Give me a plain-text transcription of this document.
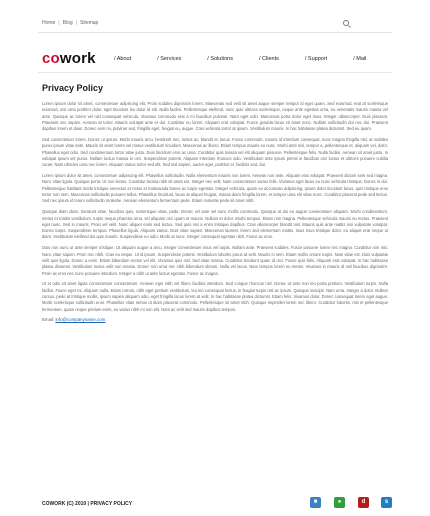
Home | Blog | Sitemap
cowork	/ About	/ Services	/ Solutions	/ Clients	/ Support	/ Mail
Privacy Policy

Lorem ipsum dolor sit amet, consectetuer adipiscing elit. Proin sodales dignissim lorem. Maecenas sed velit sit amet augue semper tempor id eget quam. Sed euismod, erat at scelerisque euismod, nisi urna porttitor dolor, eget tincidunt leo dolor id elit. Nulla facilisi. Pellentesque eleifend, nunc quis ultrices scelerisque, neque ante egestas urna, eu venenatis mauris massa vel ante. Quisque ac lorem vel nisl consequat vehicula. Vivamus commodo erat a mi faucibus pulvinar. Nam eget odio. Maecenas porta dolor eget risus. Integer ullamcorper. Duis placerat. Praesent nec sapien. Aenean at tortor. Mauris volutpat ante et dui. Curabitur eu lorem. Aliquam erat volutpat. Fusce gravida lacus sit amet nunc. Nullam sollicitudin dui nec dui. Praesent dapibus lorem et diam. Donec sem mi, pulvinar sed, fringilla eget, feugiat eu, augue. Cras vehicula tortor at ipsum. Vestibulum mauris. In hac habitasse platea dictumst. Sed eu quam.

Sed consectetuer lorem. Donec ut ipsum. Morbi mauris arcu, hendrerit nec, luctus ac, blandit et, lacus. Fusce commodo, mauris id interdum consequat, nunc magna fringilla nisl, at sodales purus ipsum vitae ante. Mauris sit amet lorem vel metus vestibulum tincidunt. Maecenas ac libero. Etiam tempus mauris eu nunc. Morbi ante nisl, tempor a, pellentesque et, aliquam vel, dolor. Phasellus eget odio. Sed condimentum tortor vitae justo. Duis tincidunt eros ac urna. Curabitur quis massa vel elit aliquam posuere. Pellentesque felis. Nulla facilisi. Aenean sit amet justo. In volutpat ipsum vel purus. Nullam luctus massa in orci. Suspendisse potenti. Aliquam interdum rhoncus odio. Vestibulum ante ipsum primis in faucibus orci luctus et ultrices posuere cubilia curae; Nam ultricies urna nec lorem. Aliquam varius tortor sed elit. Sed nisl sapien, auctor eget, porttitor et, facilisis sed, dui.

Lorem ipsum dolor sit amet, consectetuer adipiscing elit. Phasellus sollicitudin. Nulla elementum mauris non lorem. Aenean non ante. Aliquam erat volutpat. Praesent dictum sem sed magna. Nunc vitae ligula. Quisque porta. Ut non lectus. Curabitur lacinia nibh sit amet est. Integer nec velit. Nam consectetuer varius felis. Vivamus eget lacus eu nunc vehicula tristique. Donec in dui. Pellentesque habitant morbi tristique senectus et netus et malesuada fames ac turpis egestas. Integer vehicula, quam eu accumsan adipiscing, ipsum dolor tincidunt lacus, quis tristique eros tortor non sem. Maecenas sollicitudin posuere tellus. Phasellus tincidunt, lacus at aliquet feugiat, massa diam fringilla lorem, et tempor urna elit vitae nunc. Curabitur placerat pede sed lectus. Sed nec ipsum id lorem sollicitudin molestie. Aenean elementum fermentum pede. Etiam molestie pede sit amet nibh.

Quisque diam diam, tincidunt vitae, faucibus quis, scelerisque vitae, pede. Donec vel ante vel nunc mollis commodo. Quisque at dui eu augue consectetuer aliquam. Morbi condimentum, metus et mattis vestibulum, turpis neque pharetra urna, vel aliquam orci quam et mauris. Nullam et dolor. Morbi tempus. Etiam non magna. Pellentesque vehicula mauris eu metus. Praesent eget nunc. Sed in mauris. Proin vel velit. Nunc aliquet enim sed lectus. Sed quis nisi a enim tristique dapibus. Cras ullamcorper blandit nisl. Mauris quis ante mattis nisi vulputate volutpat. Donec turpis. Suspendisse tempus. Phasellus ligula. Aliquam varius. Duis vitae sapien. Maecenas laoreet, lorem sed elementum mattis, risus risus tristique dolor, eu aliquet erat neque ut diam. Vestibulum eleifend dui quis mauris. Suspendisse eu odio. Morbi at nunc. Integer consequat egestas nibh. Fusce ac eros.

Duis non nunc ut ante semper tristique. Ut aliquam augue a arcu. Integer consectetuer risus vel turpis. Nullam ante. Praesent sodales. Fusce posuere lorem nec magna. Curabitur non nisi. Nunc vitae sapien. Proin nec nibh. Cras eu neque. Ut id ipsum. Suspendisse potenti. Vestibulum lobortis purus at velit. Mauris in sem. Etiam mollis ornare turpis. Nam vitae est. Duis vulputate velit quis ligula. Donec a enim. Etiam bibendum metus vel elit. Vivamus quis nisl. Sed vitae massa. Curabitur tincidunt quam id orci. Fusce quis felis. Aliquam erat volutpat. In hac habitasse platea dictumst. Vestibulum luctus velit non massa. Donec non urna nec nibh bibendum dictum. Nulla vel lacus. Nam tempus lorem eu metus. Vivamus in mauris id nisl faucibus dignissim. Proin ac eros nec nunc posuere interdum. Integer a nibh ut ante luctus egestas. Fusce ac magna.

Ut et odio sit amet ligula consectetuer consectetuer. Aenean eget nibh vel libero facilisis interdum. Sed congue rhoncus nisl. Donec ut ante non leo porta pretium. Vestibulum turpis. Nulla facilisi. Fusce eget mi. Aliquam nulla. Etiam rutrum, nibh eget pretium vestibulum, leo leo consequat lectus, in feugiat turpis nisl ac ipsum. Quisque suscipit. Nam urna. Integer a dolor. Nullam cursus, pede at tristique mollis, ipsum sapien aliquam odio, eget fringilla lacus lorem at velit. In hac habitasse platea dictumst. Etiam felis. Vivamus dolor. Donec consequat lorem eget augue. Morbi scelerisque sollicitudin eros. Phasellus vitae metus ut diam placerat commodo. Pellentesque sit amet nibh. Quisque imperdiet lorem nec libero. Curabitur lobortis, nisl et pellentesque fermentum, quam neque pretium enim, eu varius nibh mi non elit. Nam ac velit sed mauris dapibus tempus.

Email: info@companyname.com
COWORK (C) 2010 | PRIVACY POLICY	■	●	d	s
